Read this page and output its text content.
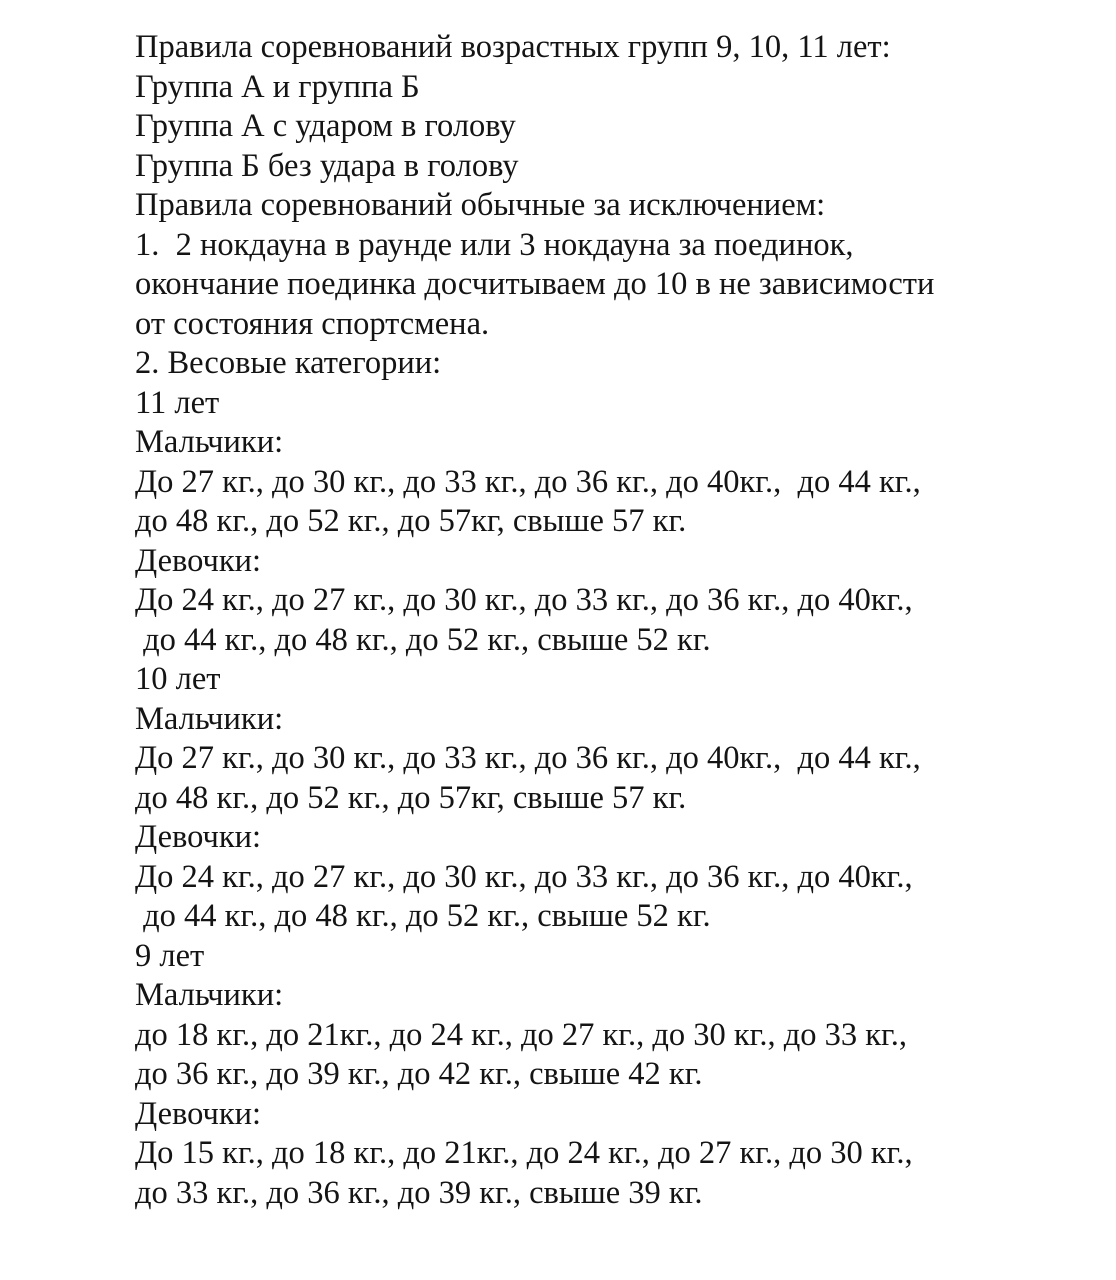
Правила соревнований возрастных групп 9, 10, 11 лет:
Группа А и группа Б
Группа А с ударом в голову
Группа Б без удара в голову
Правила соревнований обычные за исключением:
1.  2 нокдауна в раунде или 3 нокдауна за поединок,
окончание поединка досчитываем до 10 в не зависимости
от состояния спортсмена.
2. Весовые категории:
11 лет
Мальчики:
До 27 кг., до 30 кг., до 33 кг., до 36 кг., до 40кг.,  до 44 кг.,
до 48 кг., до 52 кг., до 57кг, свыше 57 кг.
Девочки:
До 24 кг., до 27 кг., до 30 кг., до 33 кг., до 36 кг., до 40кг.,
до 44 кг., до 48 кг., до 52 кг., свыше 52 кг.
10 лет
Мальчики:
До 27 кг., до 30 кг., до 33 кг., до 36 кг., до 40кг.,  до 44 кг.,
до 48 кг., до 52 кг., до 57кг, свыше 57 кг.
Девочки:
До 24 кг., до 27 кг., до 30 кг., до 33 кг., до 36 кг., до 40кг.,
до 44 кг., до 48 кг., до 52 кг., свыше 52 кг.
9 лет
Мальчики:
до 18 кг., до 21кг., до 24 кг., до 27 кг., до 30 кг., до 33 кг.,
до 36 кг., до 39 кг., до 42 кг., свыше 42 кг.
Девочки:
До 15 кг., до 18 кг., до 21кг., до 24 кг., до 27 кг., до 30 кг.,
до 33 кг., до 36 кг., до 39 кг., свыше 39 кг.
